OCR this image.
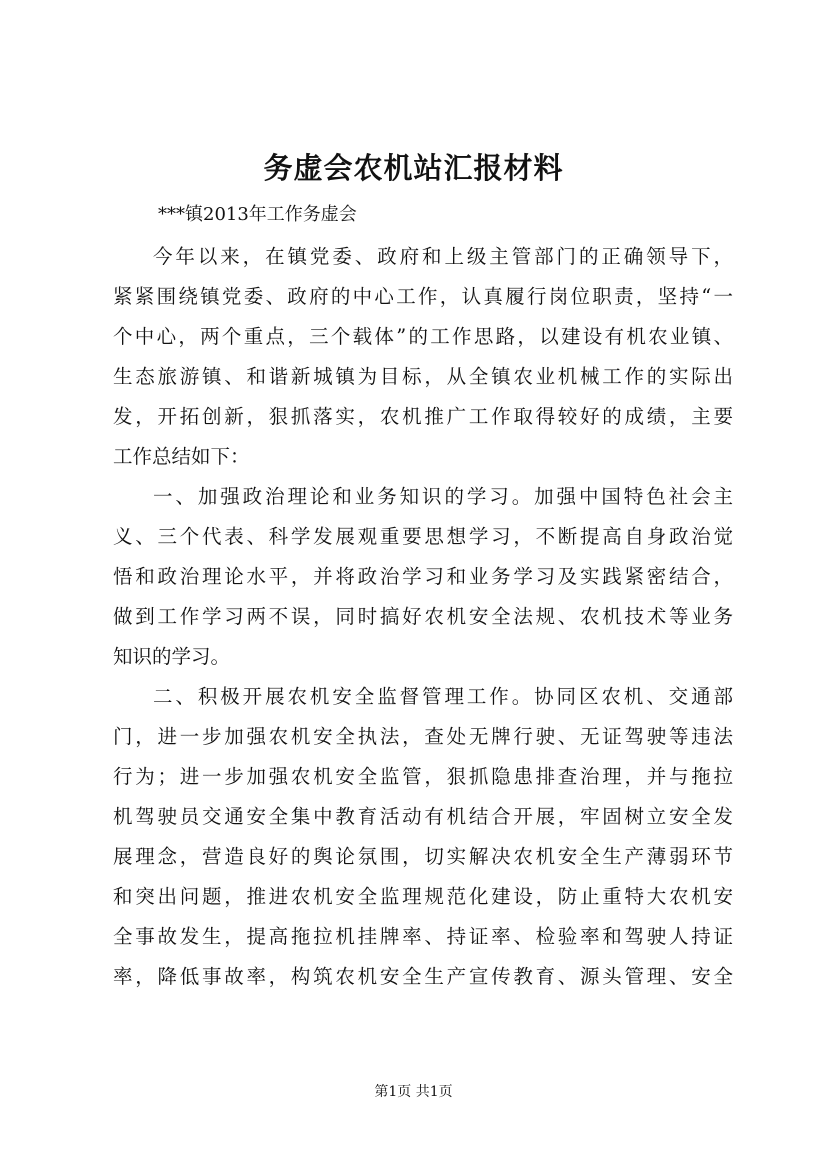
务虚会农机站汇报材料
***镇2013年工作务虚会
今年以来，在镇党委、政府和上级主管部门的正确领导下，
紧紧围绕镇党委、政府的中心工作，认真履行岗位职责，坚持“一
个中心，两个重点，三个载体”的工作思路，以建设有机农业镇、
生态旅游镇、和谐新城镇为目标，从全镇农业机械工作的实际出
发，开拓创新，狠抓落实，农机推广工作取得较好的成绩，主要
工作总结如下：
一、加强政治理论和业务知识的学习。加强中国特色社会主
义、三个代表、科学发展观重要思想学习，不断提高自身政治觉
悟和政治理论水平，并将政治学习和业务学习及实践紧密结合，
做到工作学习两不误，同时搞好农机安全法规、农机技术等业务
知识的学习。
二、积极开展农机安全监督管理工作。协同区农机、交通部
门，进一步加强农机安全执法，查处无牌行驶、无证驾驶等违法
行为；进一步加强农机安全监管，狠抓隐患排查治理，并与拖拉
机驾驶员交通安全集中教育活动有机结合开展，牢固树立安全发
展理念，营造良好的舆论氛围，切实解决农机安全生产薄弱环节
和突出问题，推进农机安全监理规范化建设，防止重特大农机安
全事故发生，提高拖拉机挂牌率、持证率、检验率和驾驶人持证
率，降低事故率，构筑农机安全生产宣传教育、源头管理、安全
第1页 共1页
